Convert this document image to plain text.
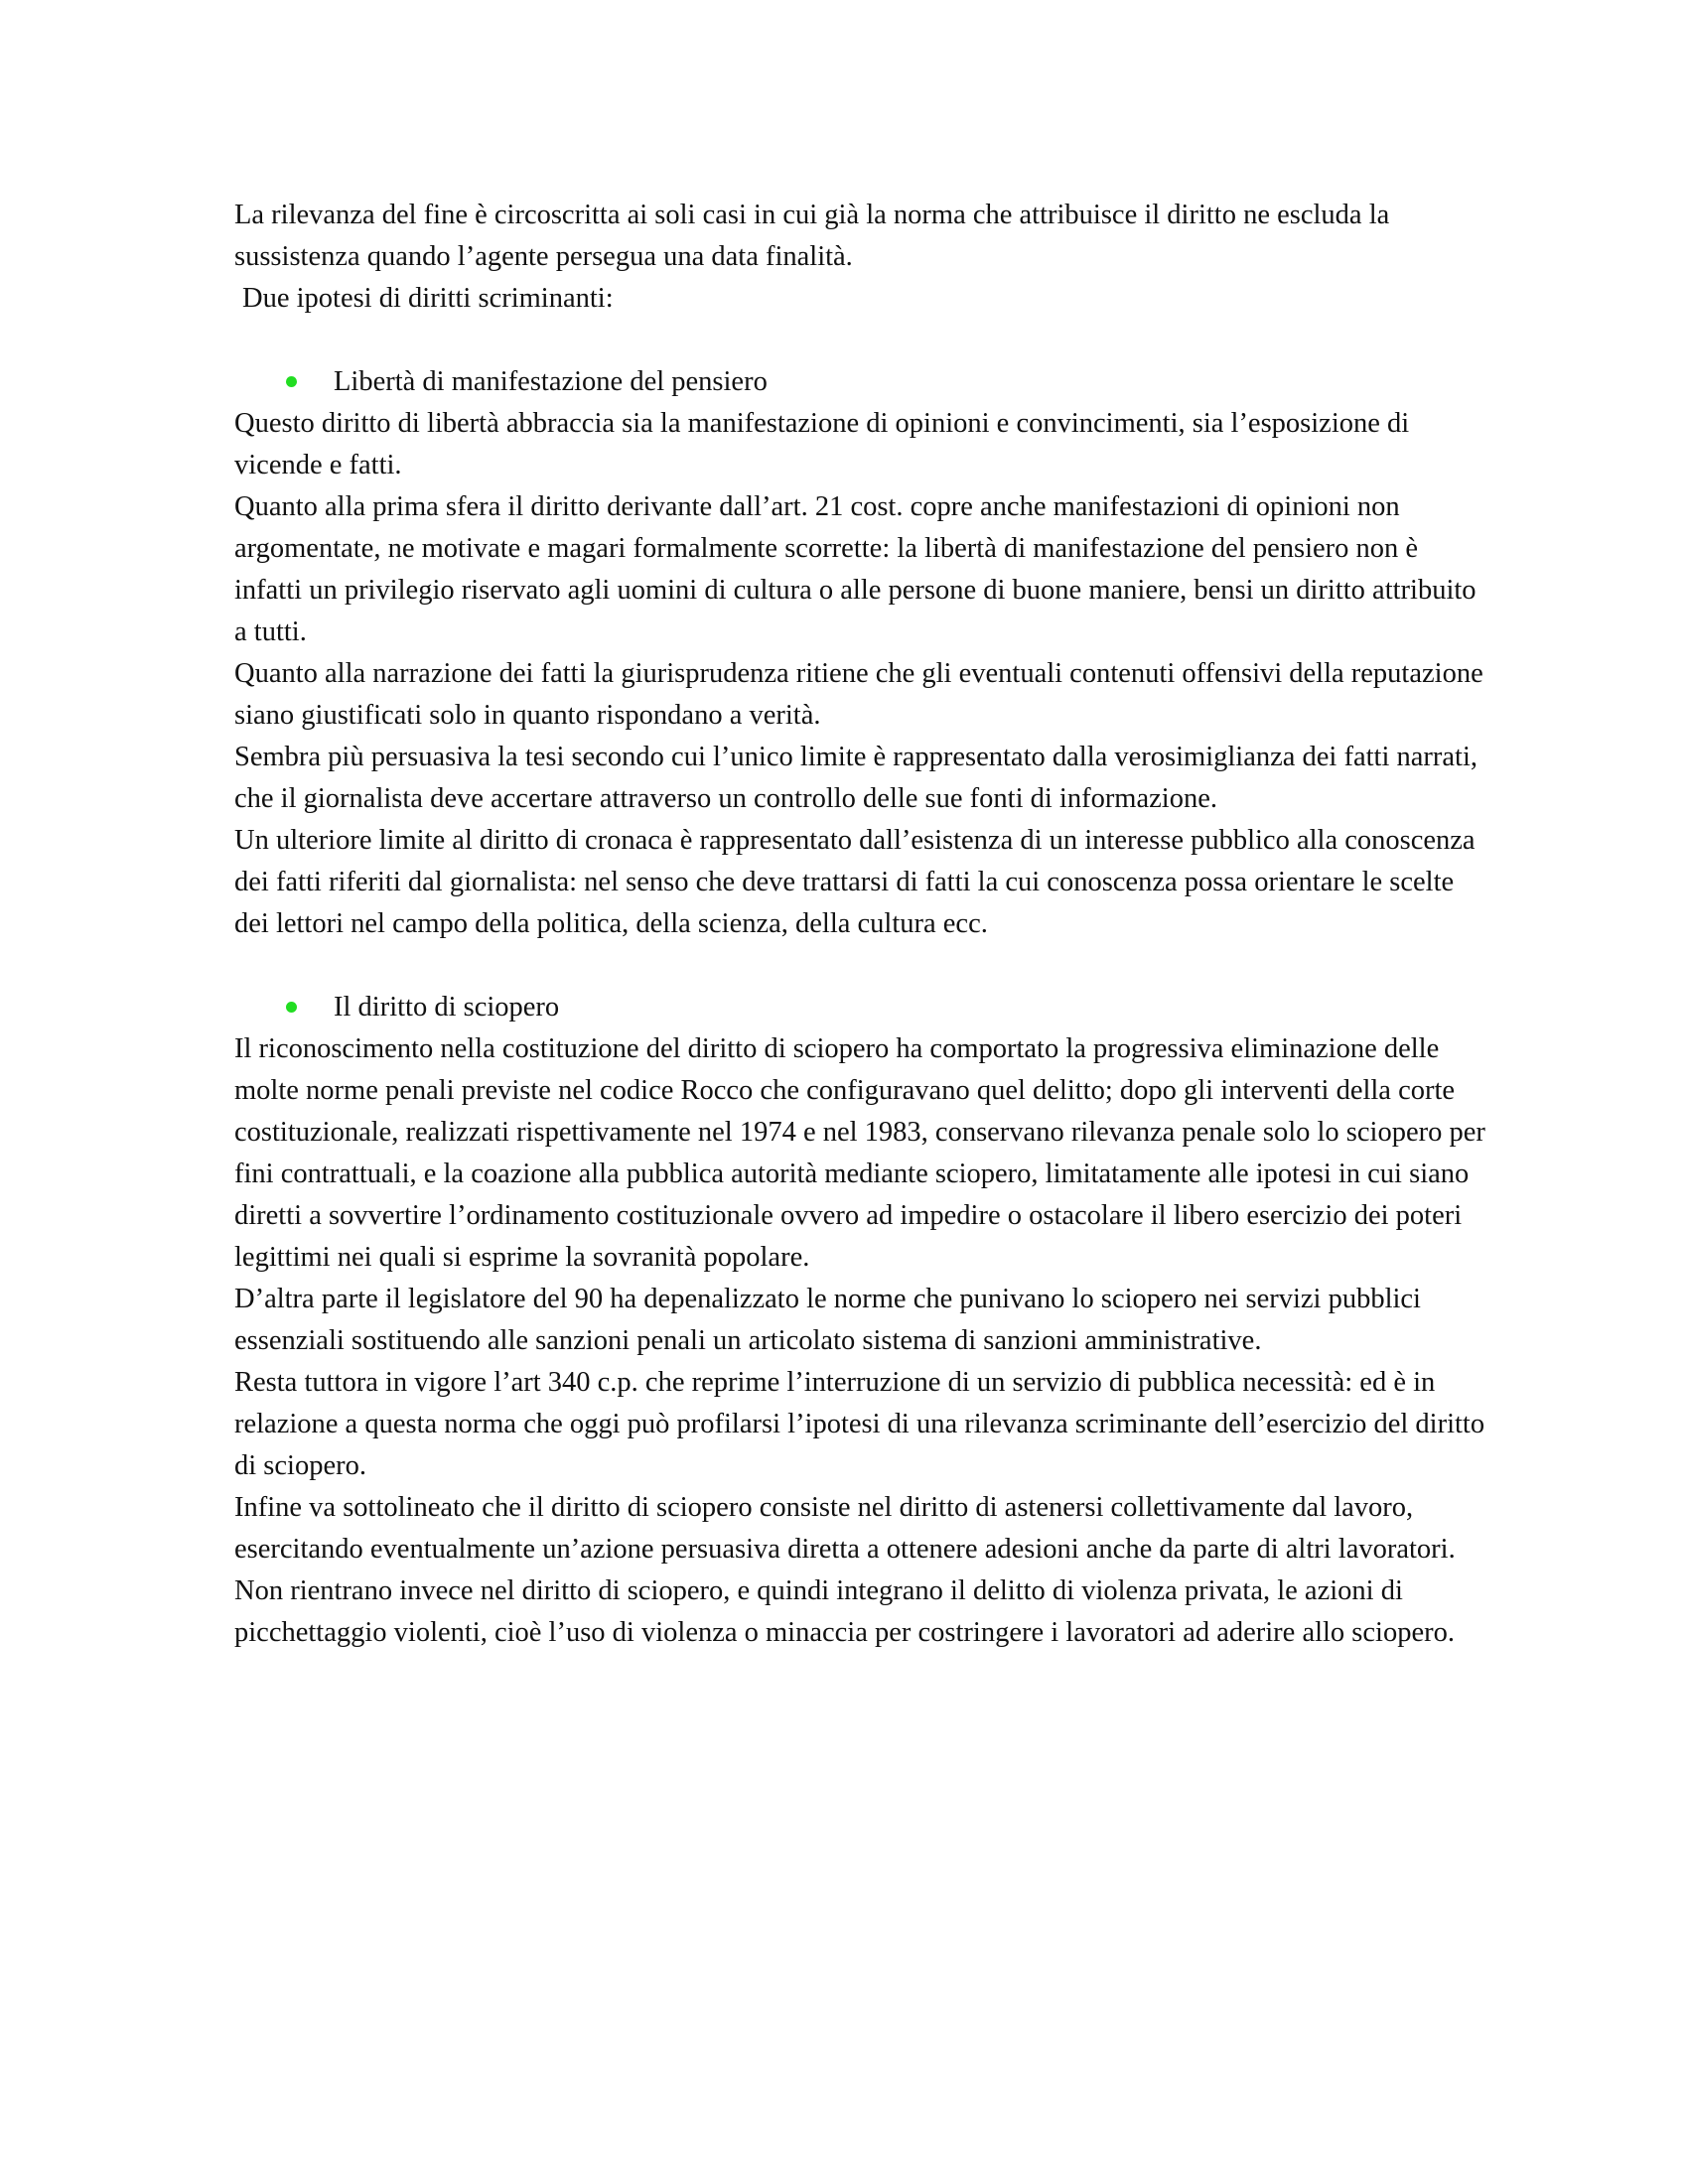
La rilevanza del fine è circoscritta ai soli casi in cui già la norma che attribuisce il diritto ne escluda la sussistenza quando l’agente persegua una data finalità.

Due ipotesi di diritti scriminanti:

Libertà di manifestazione del pensiero

Questo diritto di libertà abbraccia sia la manifestazione di opinioni e convincimenti, sia l’esposizione di vicende e fatti.

Quanto alla prima sfera il diritto derivante dall’art. 21 cost. copre anche manifestazioni di opinioni non argomentate, ne motivate e magari formalmente scorrette: la libertà di manifestazione del pensiero non è infatti un privilegio riservato agli uomini di cultura o alle persone di buone maniere, bensi un diritto attribuito a tutti.

Quanto alla narrazione dei fatti la giurisprudenza ritiene che gli eventuali contenuti offensivi della reputazione siano giustificati solo in quanto rispondano a verità.

Sembra più persuasiva la tesi secondo cui l’unico limite è rappresentato dalla verosimiglianza dei fatti narrati, che il giornalista deve accertare attraverso un controllo delle sue fonti di informazione.

Un ulteriore limite al diritto di cronaca è rappresentato dall’esistenza di un interesse pubblico alla conoscenza dei fatti riferiti dal giornalista: nel senso che deve trattarsi di fatti la cui conoscenza possa orientare le scelte dei lettori nel campo della politica, della scienza, della cultura ecc.

Il diritto di sciopero

Il riconoscimento nella costituzione del diritto di sciopero ha comportato la progressiva eliminazione delle molte norme penali previste nel codice Rocco che configuravano quel delitto; dopo gli interventi della corte costituzionale, realizzati rispettivamente nel 1974 e nel 1983, conservano rilevanza penale solo lo sciopero per fini contrattuali, e la coazione alla pubblica autorità mediante sciopero, limitatamente alle ipotesi in cui siano diretti a sovvertire l’ordinamento costituzionale ovvero ad impedire o ostacolare il libero esercizio dei poteri legittimi nei quali si esprime la sovranità popolare.

D’altra parte il legislatore del 90 ha depenalizzato le norme che punivano lo sciopero nei servizi pubblici essenziali sostituendo alle sanzioni penali un articolato sistema di sanzioni amministrative.

Resta tuttora in vigore l’art 340 c.p. che reprime l’interruzione di un servizio di pubblica necessità: ed è in relazione a questa norma che oggi può profilarsi l’ipotesi di una rilevanza scriminante dell’esercizio del diritto di sciopero.

Infine va sottolineato che il diritto di sciopero consiste nel diritto di astenersi collettivamente dal lavoro, esercitando eventualmente un’azione persuasiva diretta a ottenere adesioni anche da parte di altri lavoratori. Non rientrano invece nel diritto di sciopero, e quindi integrano il delitto di violenza privata, le azioni di picchettaggio violenti, cioè l’uso di violenza o minaccia per costringere i lavoratori ad aderire allo sciopero.
